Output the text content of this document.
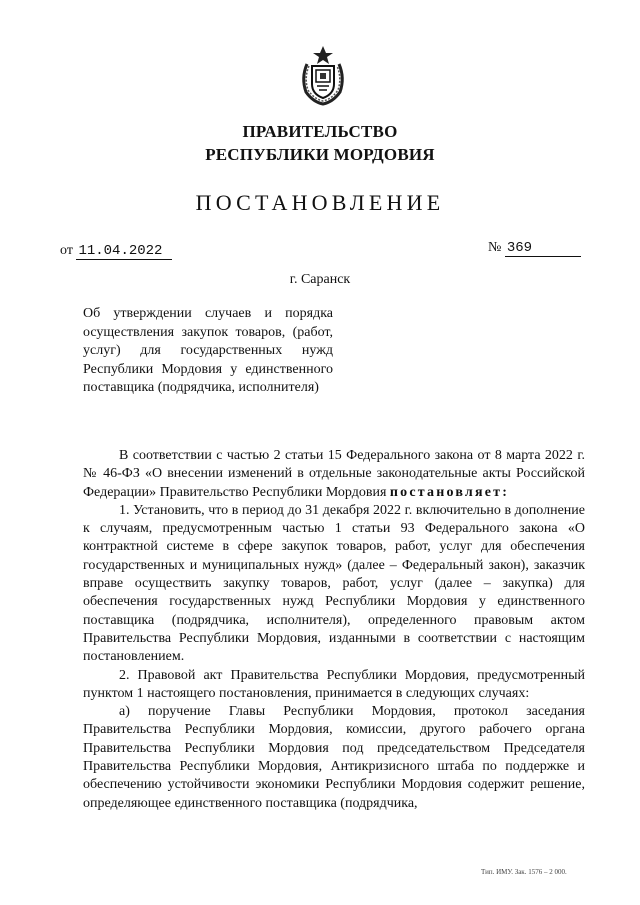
ПРАВИТЕЛЬСТВО
РЕСПУБЛИКИ МОРДОВИЯ
ПОСТАНОВЛЕНИЕ
от 11.04.2022	№ 369
г. Саранск
Об утверждении случаев и порядка осуществления закупок товаров, (работ, услуг) для государственных нужд Республики Мордовия у единственного поставщика (подрядчика, исполнителя)

В соответствии с частью 2 статьи 15 Федерального закона от 8 марта 2022 г. № 46-ФЗ «О внесении изменений в отдельные законодательные акты Российской Федерации» Правительство Республики Мордовия постановляет:

1. Установить, что в период до 31 декабря 2022 г. включительно в дополнение к случаям, предусмотренным частью 1 статьи 93 Федерального закона «О контрактной системе в сфере закупок товаров, работ, услуг для обеспечения государственных и муниципальных нужд» (далее – Федеральный закон), заказчик вправе осуществить закупку товаров, работ, услуг (далее – закупка) для обеспечения государственных нужд Республики Мордовия у единственного поставщика (подрядчика, исполнителя), определенного правовым актом Правительства Республики Мордовия, изданными в соответствии с настоящим постановлением.

2. Правовой акт Правительства Республики Мордовия, предусмотренный пунктом 1 настоящего постановления, принимается в следующих случаях:

а) поручение Главы Республики Мордовия, протокол заседания Правительства Республики Мордовия, комиссии, другого рабочего органа Правительства Республики Мордовия под председательством Председателя Правительства Республики Мордовия, Антикризисного штаба по поддержке и обеспечению устойчивости экономики Республики Мордовия содержит решение, определяющее единственного поставщика (подрядчика,

Тип. ИМУ. Зак. 1576 – 2 000.
